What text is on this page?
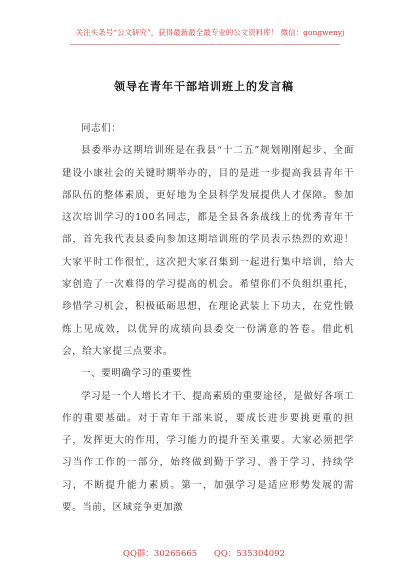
关注头条号“公文研究”，获得最新最全最专业的公文资料库！ 微信：gongwenyj
领导在青年干部培训班上的发言稿

同志们：

县委举办这期培训班是在我县“十二五”规划刚刚起步、全面建设小康社会的关键时期举办的，目的是进一步提高我县青年干部队伍的整体素质，更好地为全县科学发展提供人才保障。参加这次培训学习的100名同志，都是全县各条战线上的优秀青年干部，首先我代表县委向参加这期培训班的学员表示热烈的欢迎！大家平时工作很忙，这次把大家召集到一起进行集中培训，给大家创造了一次难得的学习提高的机会。希望你们不负组织重托，珍惜学习机会，积极砥砺思想，在理论武装上下功夫，在党性锻炼上见成效，以优异的成绩向县委交一份满意的答卷。借此机会，给大家提三点要求。

一、要明确学习的重要性

学习是一个人增长才干、提高素质的重要途径，是做好各项工作的重要基础。对于青年干部来说，要成长进步要挑更重的担子，发挥更大的作用，学习能力的提升至关重要。大家必须把学习当作工作的一部分，始终做到勤于学习、善于学习、持续学习，不断提升能力素质。第一，加强学习是适应形势发展的需要。当前，区域竞争更加激

QQ群：30265665 QQ：535304092
